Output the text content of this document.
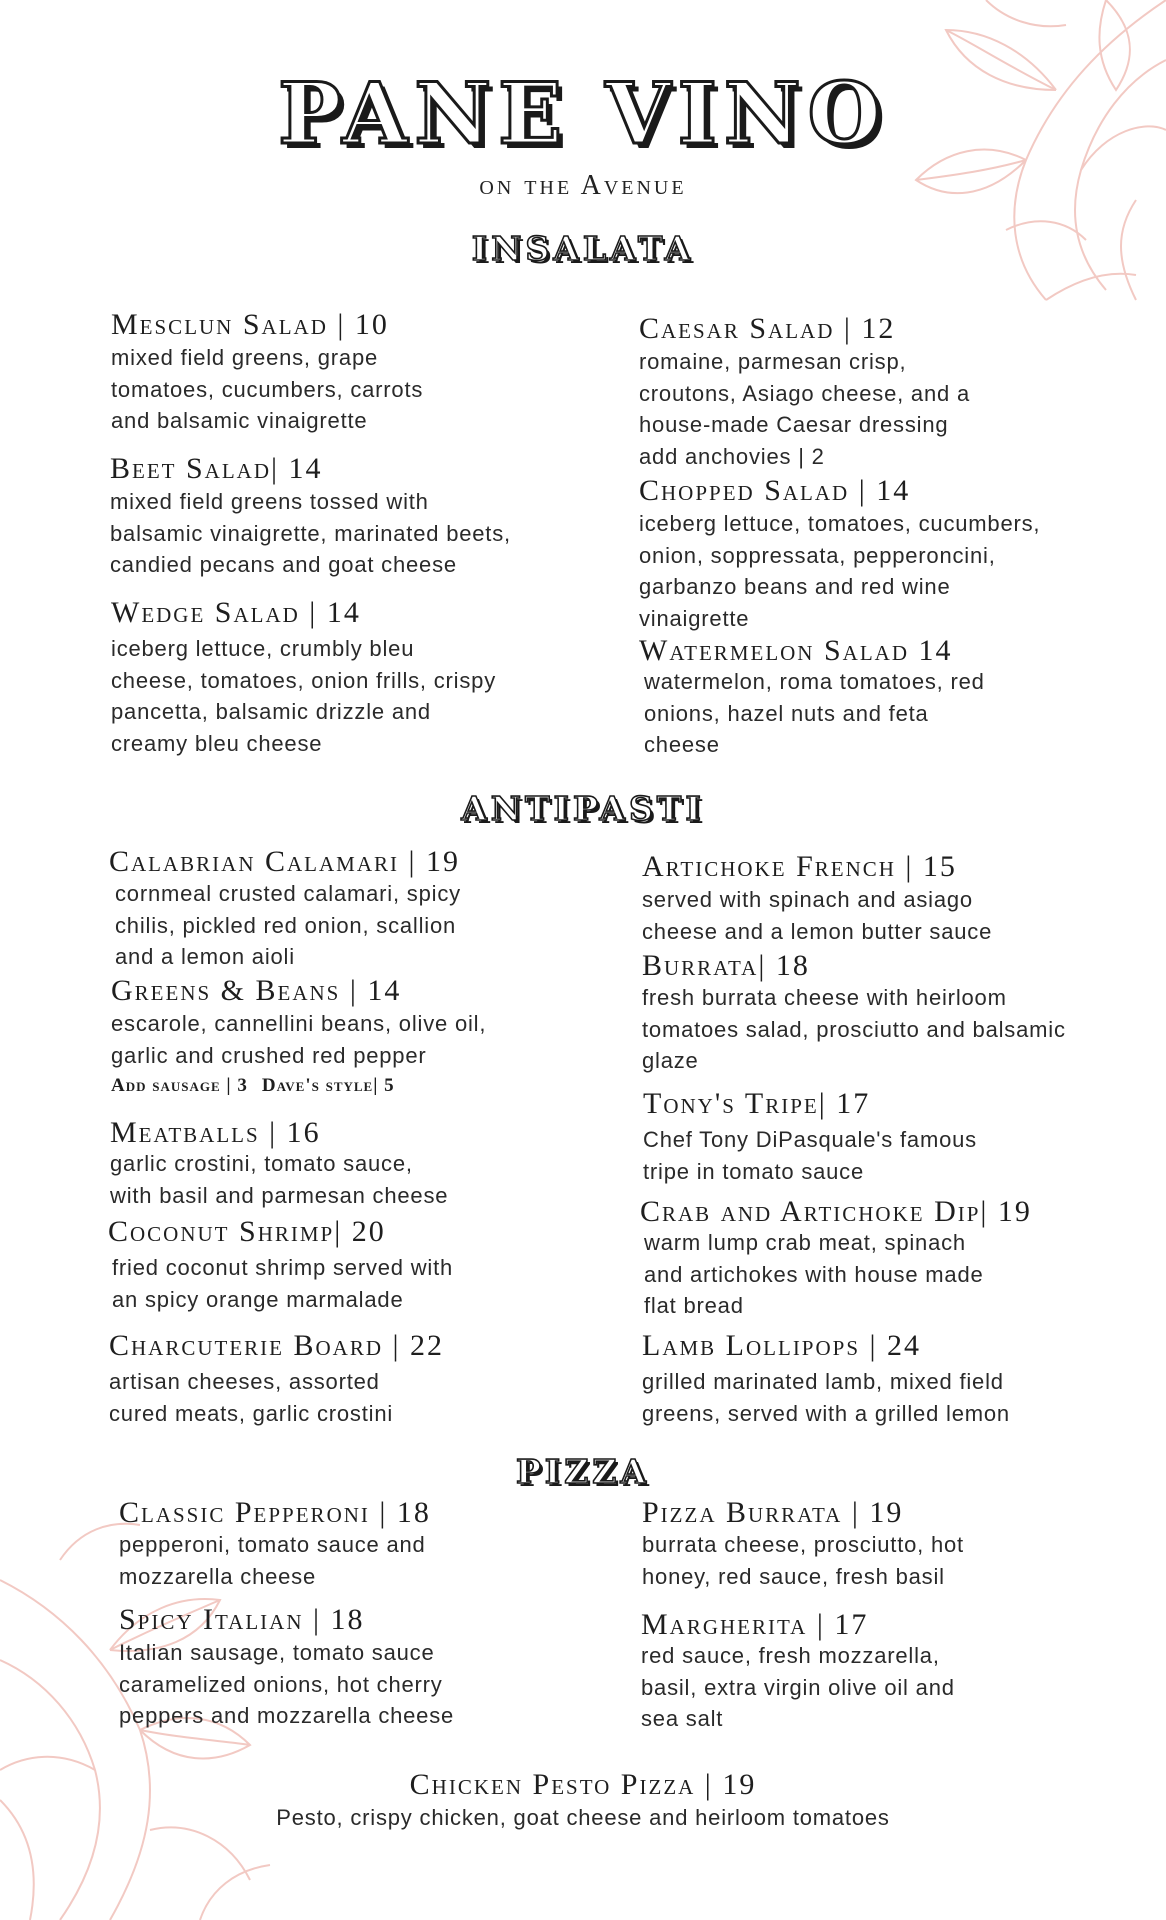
PANE VINO
on the Avenue
INSALATA
Mesclun Salad | 10
mixed field greens, grape
tomatoes, cucumbers, carrots
and balsamic vinaigrette
Beet Salad| 14
mixed field greens tossed with
balsamic vinaigrette, marinated beets,
candied pecans and goat cheese
Wedge Salad | 14
iceberg lettuce, crumbly bleu
cheese, tomatoes, onion frills, crispy
pancetta, balsamic drizzle and
creamy bleu cheese
Caesar Salad | 12
romaine, parmesan crisp,
croutons, Asiago cheese, and a
house-made Caesar dressing
add anchovies | 2
Chopped Salad | 14
iceberg lettuce, tomatoes, cucumbers,
onion, soppressata, pepperoncini,
garbanzo beans and red wine
vinaigrette
Watermelon Salad 14
watermelon, roma tomatoes, red
onions, hazel nuts and feta
cheese
ANTIPASTI
Calabrian Calamari | 19
cornmeal crusted calamari, spicy
chilis, pickled red onion, scallion
and a lemon aioli
Greens & Beans | 14
escarole, cannellini beans, olive oil,
garlic and crushed red pepper
Add sausage | 3 Dave's style| 5
Meatballs | 16
garlic crostini, tomato sauce,
with basil and parmesan cheese
Coconut Shrimp| 20
fried coconut shrimp served with
an spicy orange marmalade
Charcuterie Board | 22
artisan cheeses, assorted
cured meats, garlic crostini
Artichoke French | 15
served with spinach and asiago
cheese and a lemon butter sauce
Burrata| 18
fresh burrata cheese with heirloom
tomatoes salad, prosciutto and balsamic
glaze
Tony's Tripe| 17
Chef Tony DiPasquale's famous
tripe in tomato sauce
Crab and Artichoke Dip| 19
warm lump crab meat, spinach
and artichokes with house made
flat bread
Lamb Lollipops | 24
grilled marinated lamb, mixed field
greens, served with a grilled lemon
PIZZA
Classic Pepperoni | 18
pepperoni, tomato sauce and
mozzarella cheese
Spicy Italian | 18
Italian sausage, tomato sauce
caramelized onions, hot cherry
peppers and mozzarella cheese
Pizza Burrata | 19
burrata cheese, prosciutto, hot
honey, red sauce, fresh basil
Margherita | 17
red sauce, fresh mozzarella,
basil, extra virgin olive oil and
sea salt
Chicken Pesto Pizza | 19
Pesto, crispy chicken, goat cheese and heirloom tomatoes
